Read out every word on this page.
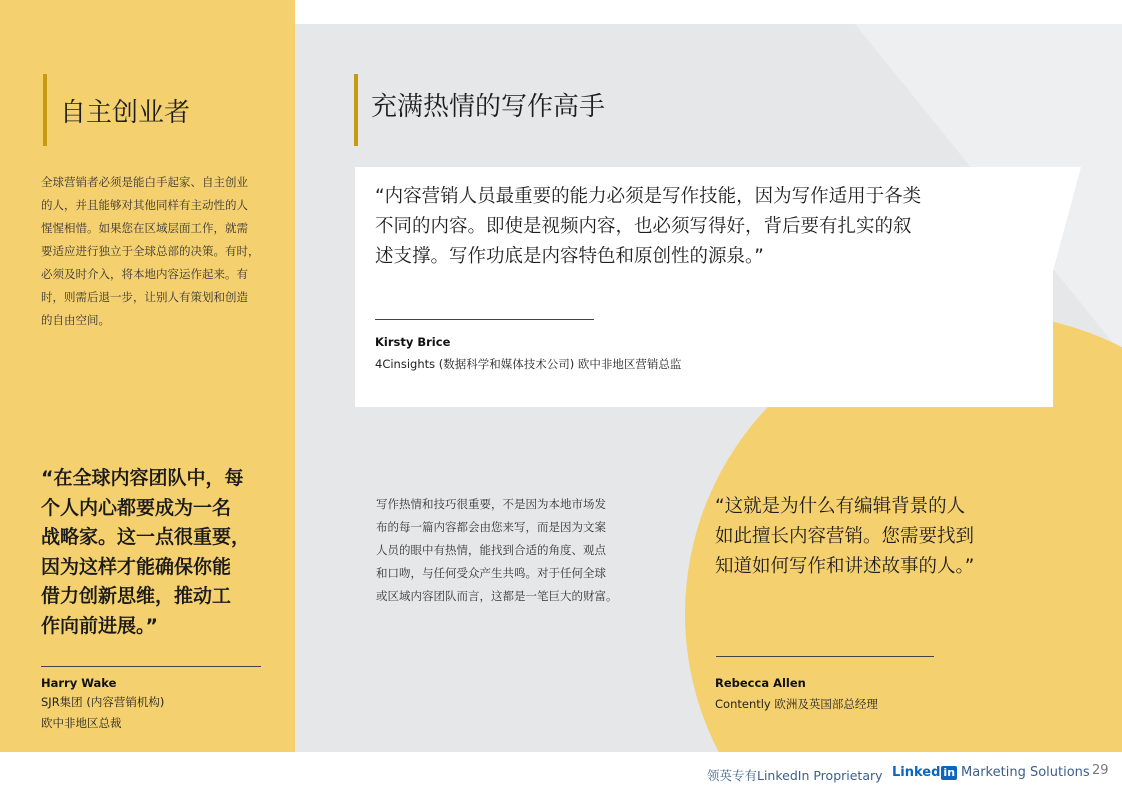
自主创业者
全球营销者必须是能白手起家、自主创业
的人，并且能够对其他同样有主动性的人
惺惺相惜。如果您在区域层面工作，就需
要适应进行独立于全球总部的决策。有时，
必须及时介入，将本地内容运作起来。有
时，则需后退一步，让别人有策划和创造
的自由空间。
“在全球内容团队中，每
个人内心都要成为一名
战略家。这一点很重要，
因为这样才能确保你能
借力创新思维，推动工
作向前进展。”
Harry Wake
SJR集团 (内容营销机构)
欧中非地区总裁
充满热情的写作高手
“内容营销人员最重要的能力必须是写作技能，因为写作适用于各类
不同的内容。即使是视频内容，也必须写得好，背后要有扎实的叙
述支撑。写作功底是内容特色和原创性的源泉。”
Kirsty Brice
4Cinsights (数据科学和媒体技术公司) 欧中非地区营销总监
写作热情和技巧很重要，不是因为本地市场发
布的每一篇内容都会由您来写，而是因为文案
人员的眼中有热情，能找到合适的角度、观点
和口吻，与任何受众产生共鸣。对于任何全球
或区域内容团队而言，这都是一笔巨大的财富。
“这就是为什么有编辑背景的人
如此擅长内容营销。您需要找到
知道如何写作和讲述故事的人。”
Rebecca Allen
Contently 欧洲及英国部总经理
领英专有LinkedIn Proprietary Linked in Marketing Solutions 29
